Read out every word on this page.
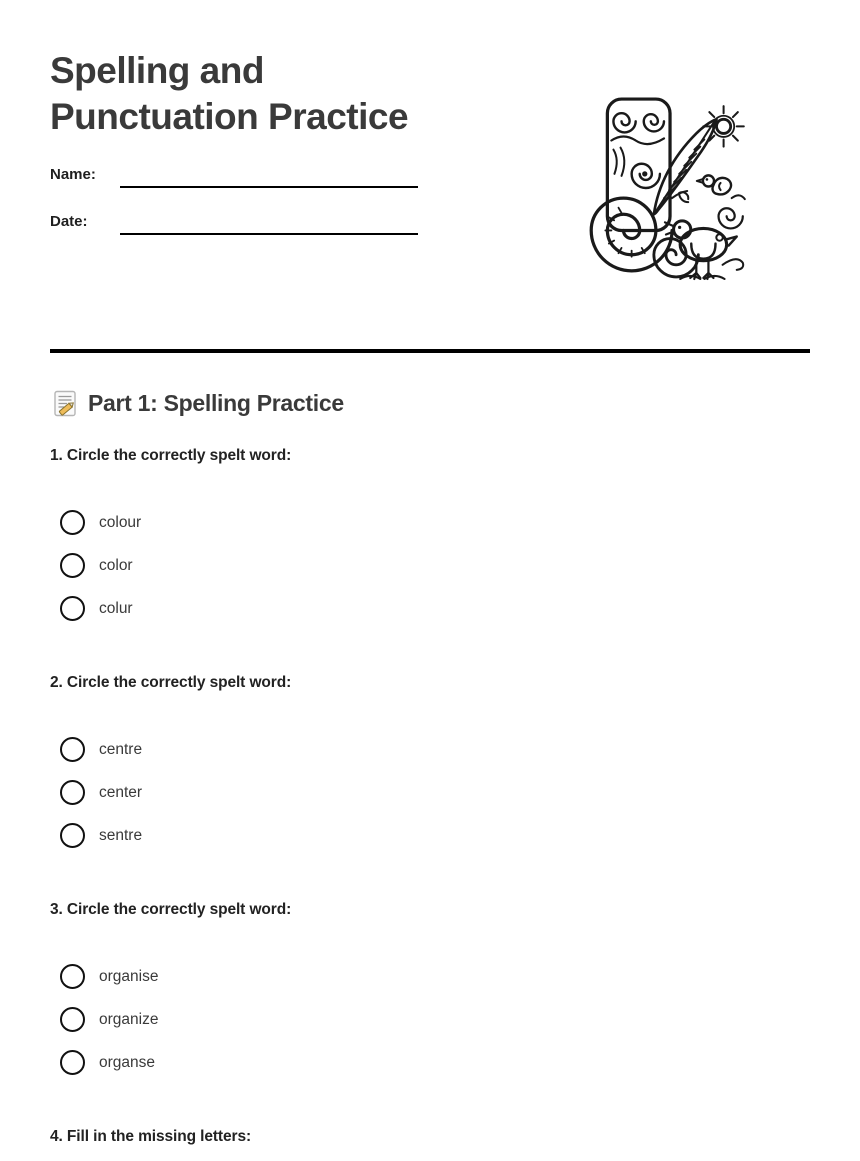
Spelling and
Punctuation Practice
Name:
Date:
Part 1: Spelling Practice
1. Circle the correctly spelt word:
colour
color
colur
2. Circle the correctly spelt word:
centre
center
sentre
3. Circle the correctly spelt word:
organise
organize
organse
4. Fill in the missing letters:
